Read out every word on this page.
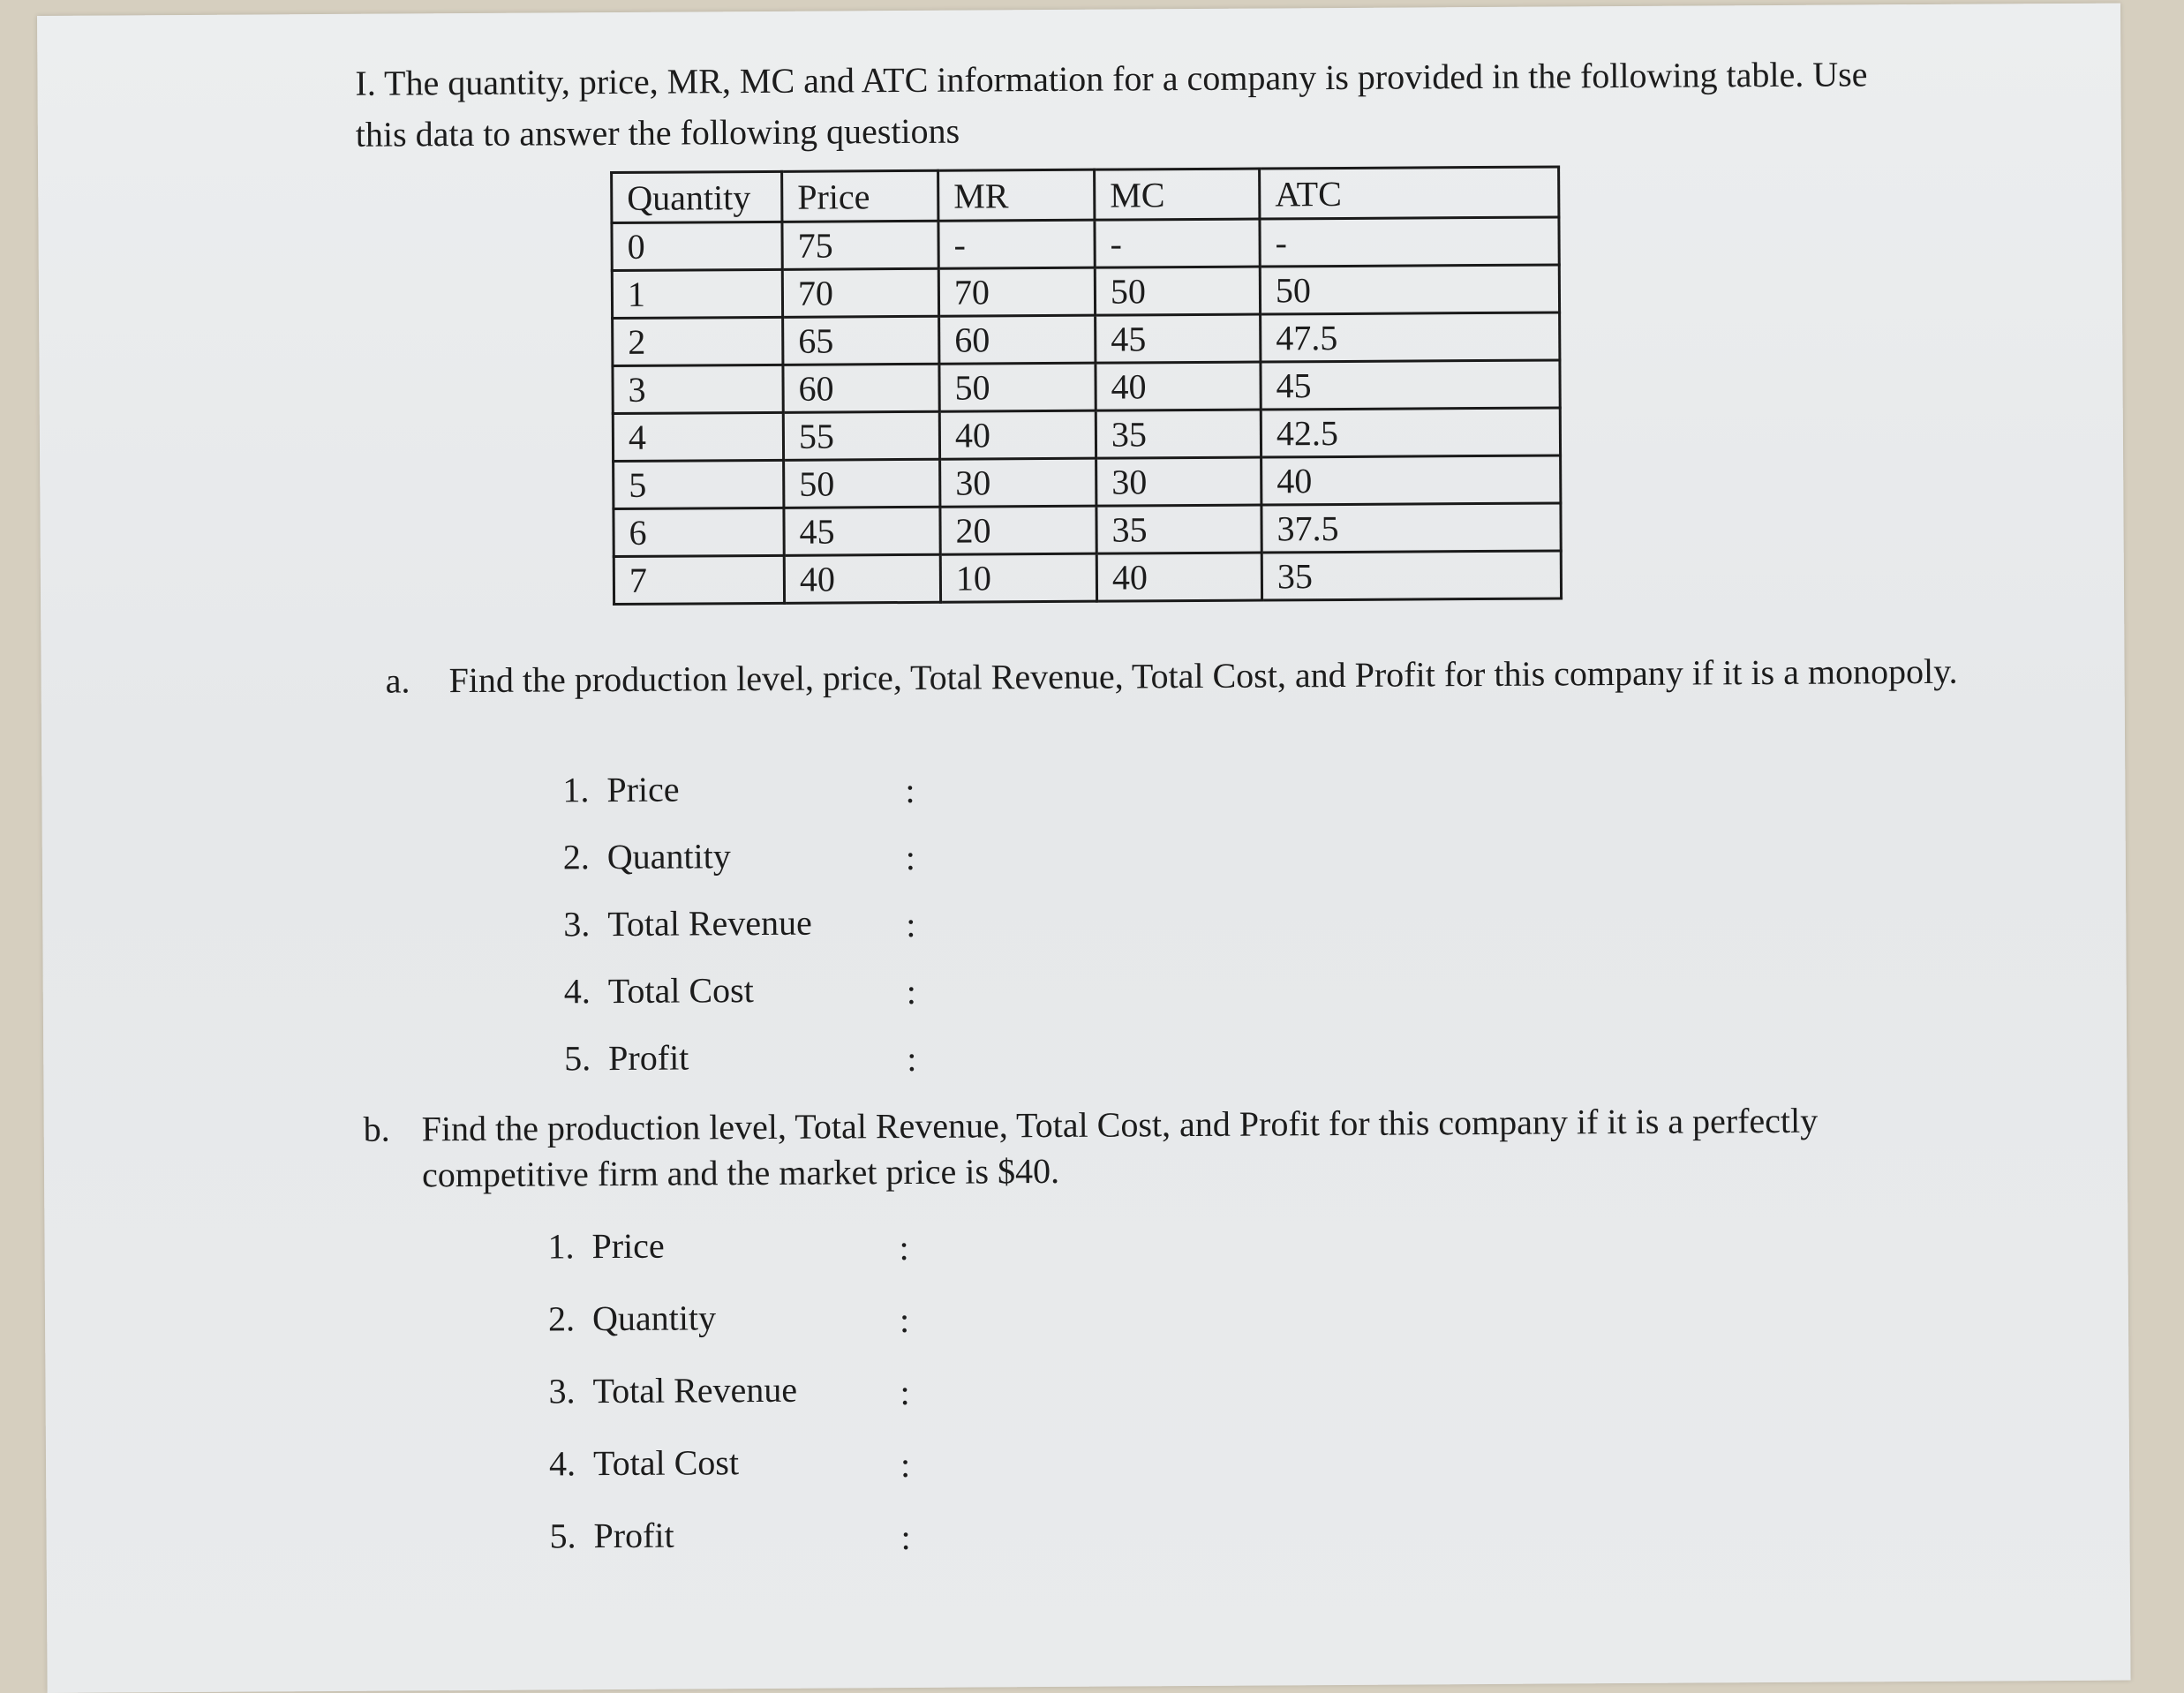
I. The quantity, price, MR, MC and ATC information for a company is provided in the following table. Use this data to answer the following questions
Quantity	Price	MR	MC	ATC
0	75	-	-	-
1	70	70	50	50
2	65	60	45	47.5
3	60	50	40	45
4	55	40	35	42.5
5	50	30	30	40
6	45	20	35	37.5
7	40	10	40	35
a. Find the production level, price, Total Revenue, Total Cost, and Profit for this company if it is a monopoly.
1. Price	:
2. Quantity	:
3. Total Revenue	:
4. Total Cost	:
5. Profit	:
b. Find the production level, Total Revenue, Total Cost, and Profit for this company if it is a perfectly competitive firm and the market price is $40.
1. Price	:
2. Quantity	:
3. Total Revenue	:
4. Total Cost	:
5. Profit	:
